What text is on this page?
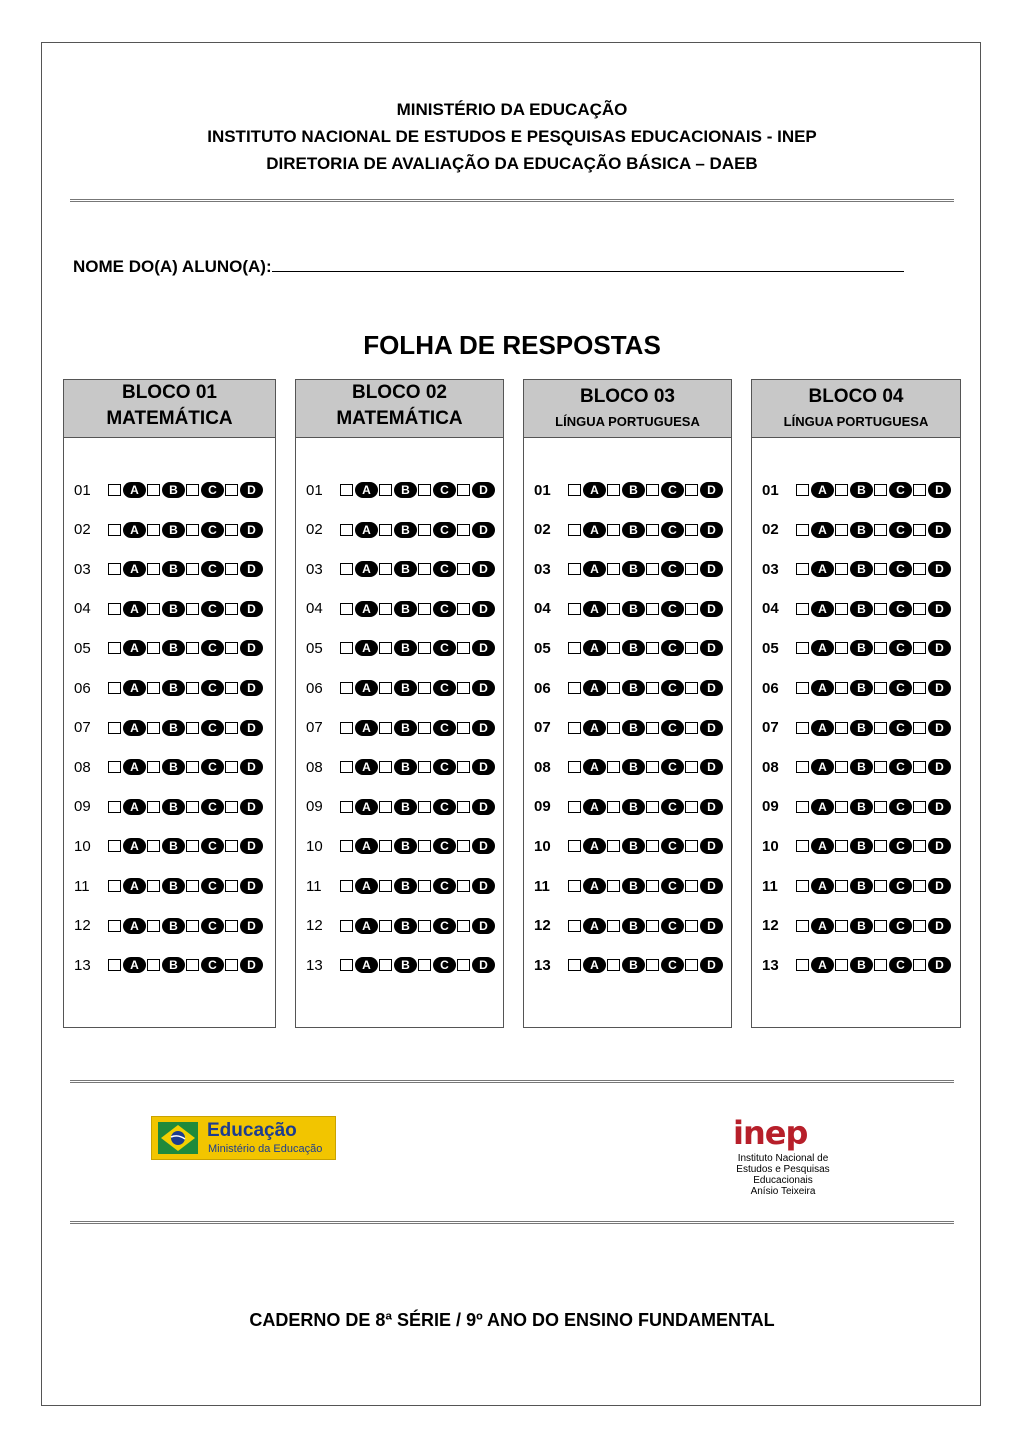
MINISTÉRIO DA EDUCAÇÃO
INSTITUTO NACIONAL DE ESTUDOS E PESQUISAS EDUCACIONAIS - INEP
DIRETORIA DE AVALIAÇÃO DA EDUCAÇÃO BÁSICA – DAEB
NOME DO(A) ALUNO(A):
FOLHA DE RESPOSTAS
BLOCO 01
MATEMÁTICA
01	A	B	C	D
02	A	B	C	D
03	A	B	C	D
04	A	B	C	D
05	A	B	C	D
06	A	B	C	D
07	A	B	C	D
08	A	B	C	D
09	A	B	C	D
10	A	B	C	D
11	A	B	C	D
12	A	B	C	D
13	A	B	C	D
BLOCO 02
MATEMÁTICA
01	A	B	C	D
02	A	B	C	D
03	A	B	C	D
04	A	B	C	D
05	A	B	C	D
06	A	B	C	D
07	A	B	C	D
08	A	B	C	D
09	A	B	C	D
10	A	B	C	D
11	A	B	C	D
12	A	B	C	D
13	A	B	C	D
BLOCO 03
LÍNGUA PORTUGUESA
01	A	B	C	D
02	A	B	C	D
03	A	B	C	D
04	A	B	C	D
05	A	B	C	D
06	A	B	C	D
07	A	B	C	D
08	A	B	C	D
09	A	B	C	D
10	A	B	C	D
11	A	B	C	D
12	A	B	C	D
13	A	B	C	D
BLOCO 04
LÍNGUA PORTUGUESA
01	A	B	C	D
02	A	B	C	D
03	A	B	C	D
04	A	B	C	D
05	A	B	C	D
06	A	B	C	D
07	A	B	C	D
08	A	B	C	D
09	A	B	C	D
10	A	B	C	D
11	A	B	C	D
12	A	B	C	D
13	A	B	C	D
Educação
Ministério da Educação	inep
Instituto Nacional de
Estudos e Pesquisas
Educacionais
Anísio Teixeira
CADERNO DE 8ª SÉRIE / 9º ANO DO ENSINO FUNDAMENTAL
